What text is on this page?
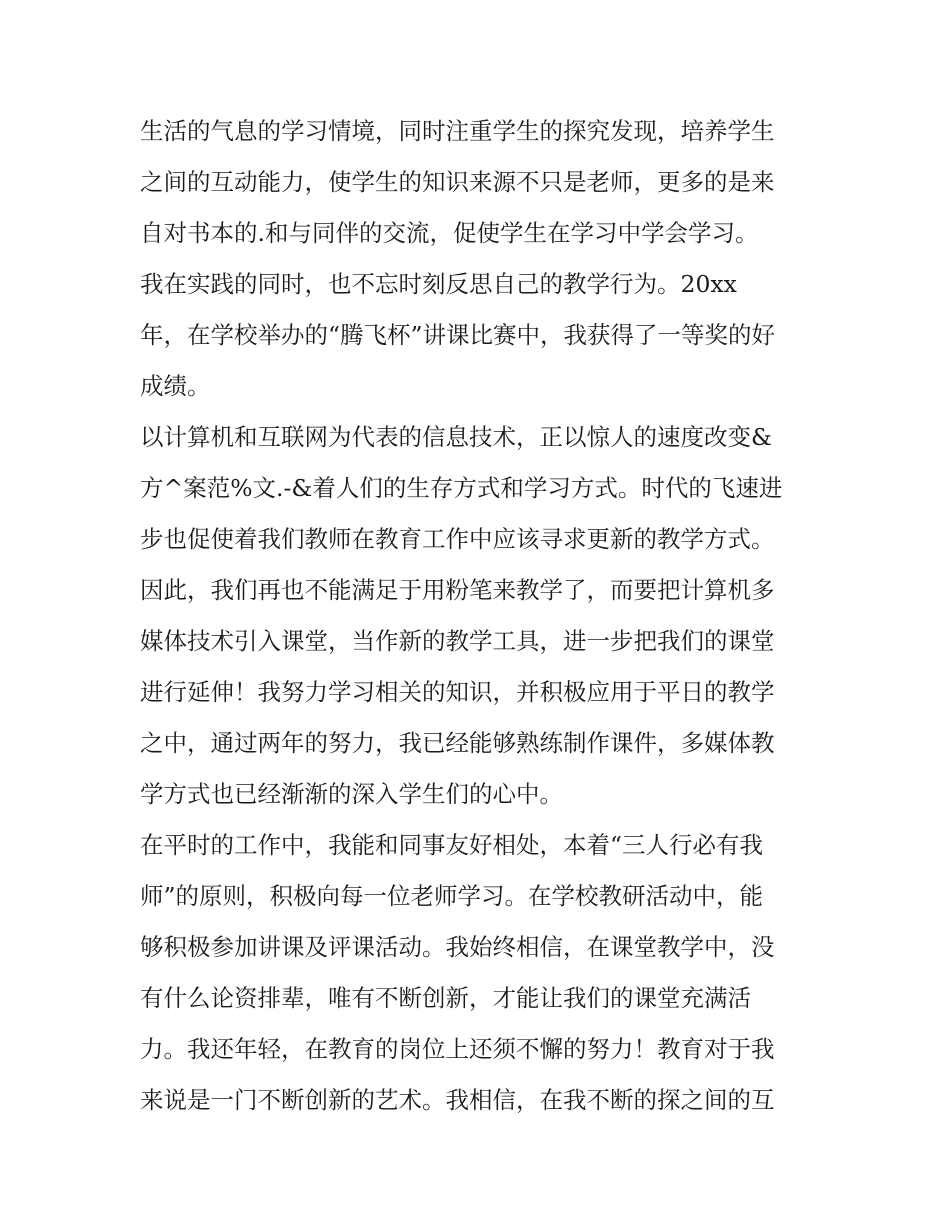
生活的气息的学习情境，同时注重学生的探究发现，培养学生
之间的互动能力，使学生的知识来源不只是老师，更多的是来
自对书本的.和与同伴的交流，促使学生在学习中学会学习。
我在实践的同时，也不忘时刻反思自己的教学行为。20xx
年，在学校举办的“腾飞杯”讲课比赛中，我获得了一等奖的好
成绩。
以计算机和互联网为代表的信息技术，正以惊人的速度改变&
方^案范%文.-&着人们的生存方式和学习方式。时代的飞速进
步也促使着我们教师在教育工作中应该寻求更新的教学方式。
因此，我们再也不能满足于用粉笔来教学了，而要把计算机多
媒体技术引入课堂，当作新的教学工具，进一步把我们的课堂
进行延伸！我努力学习相关的知识，并积极应用于平日的教学
之中，通过两年的努力，我已经能够熟练制作课件，多媒体教
学方式也已经渐渐的深入学生们的心中。
在平时的工作中，我能和同事友好相处，本着“三人行必有我
师”的原则，积极向每一位老师学习。在学校教研活动中，能
够积极参加讲课及评课活动。我始终相信，在课堂教学中，没
有什么论资排辈，唯有不断创新，才能让我们的课堂充满活
力。我还年轻，在教育的岗位上还须不懈的努力！教育对于我
来说是一门不断创新的艺术。我相信，在我不断的探之间的互
